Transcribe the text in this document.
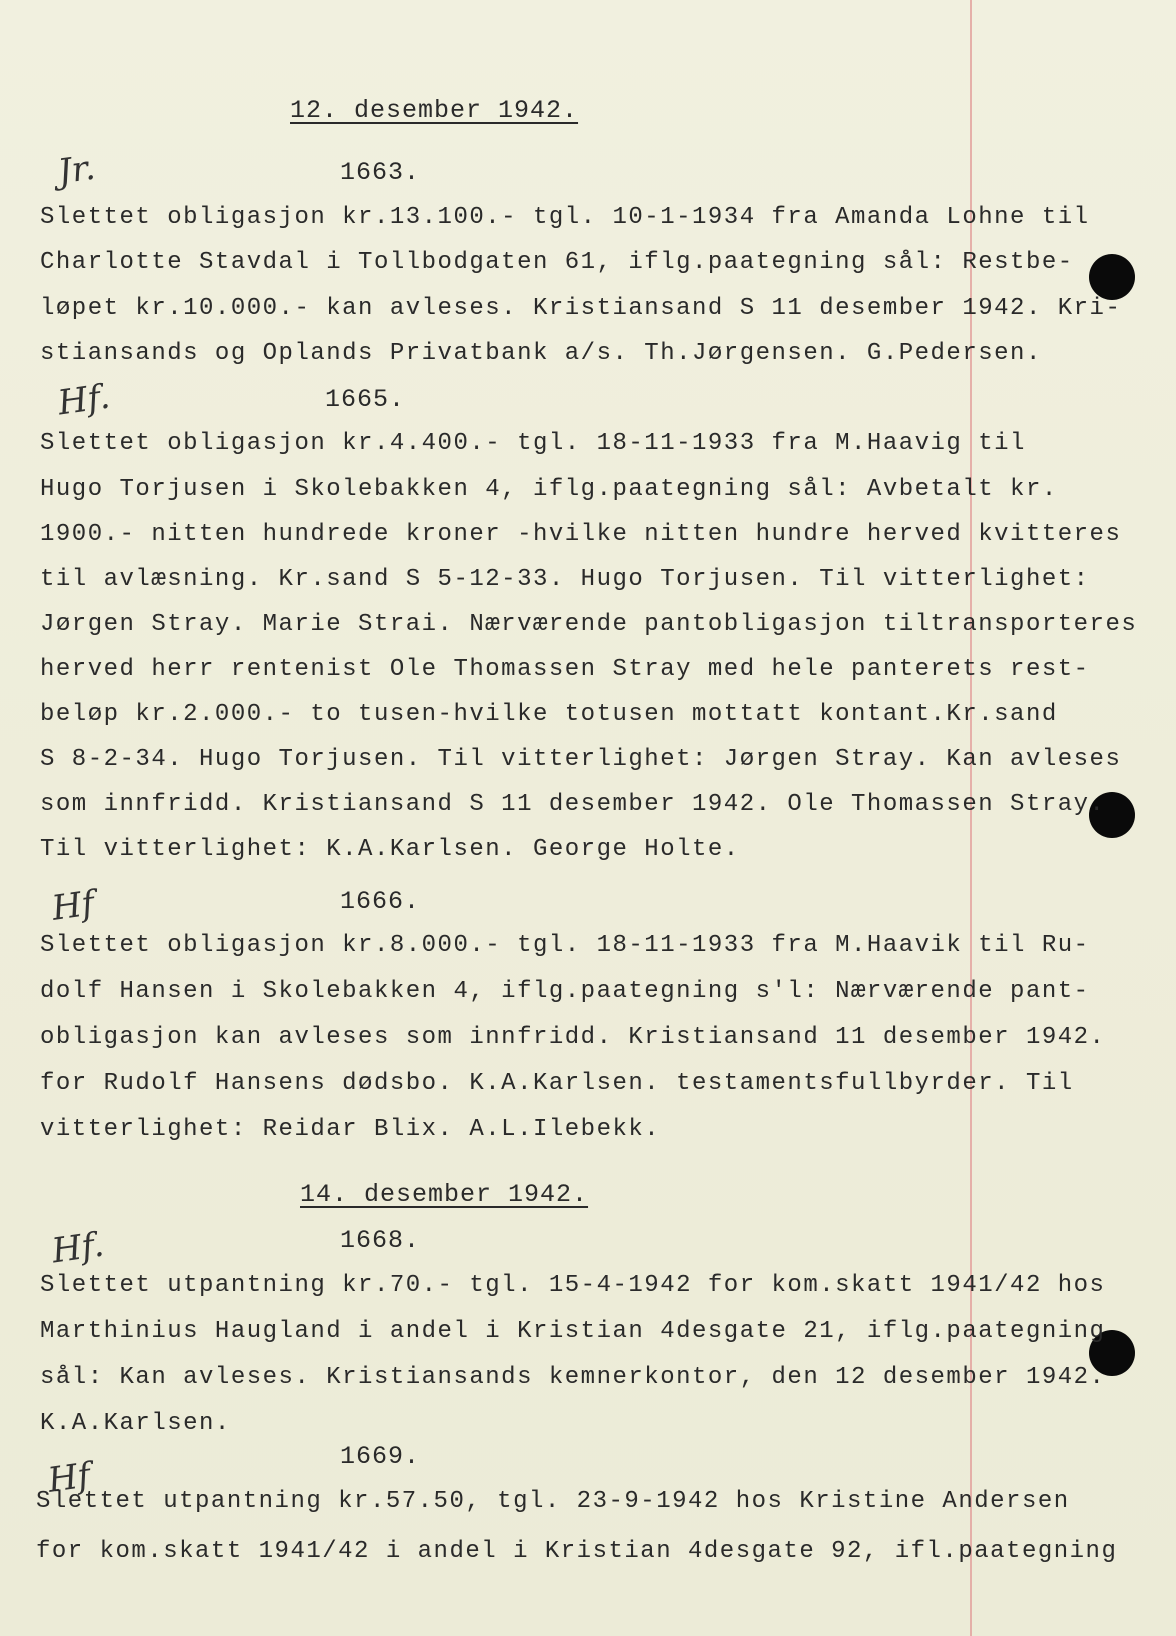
12. desember 1942.
Jr.	1663.
Slettet obligasjon kr.13.100.- tgl. 10-1-1934 fra Amanda Lohne til
Charlotte Stavdal i Tollbodgaten 61, iflg.paategning sål: Restbe-
løpet kr.10.000.- kan avleses. Kristiansand S 11 desember 1942. Kri-
stiansands og Oplands Privatbank a/s. Th.Jørgensen. G.Pedersen.
Hf.	1665.
Slettet obligasjon kr.4.400.- tgl. 18-11-1933 fra M.Haavig til
Hugo Torjusen i Skolebakken 4, iflg.paategning sål: Avbetalt kr.
1900.- nitten hundrede kroner -hvilke nitten hundre herved kvitteres
til avlæsning. Kr.sand S 5-12-33. Hugo Torjusen. Til vitterlighet:
Jørgen Stray. Marie Strai. Nærværende pantobligasjon tiltransporteres
herved herr rentenist Ole Thomassen Stray med hele panterets rest-
beløp kr.2.000.- to tusen-hvilke totusen mottatt kontant.Kr.sand
S 8-2-34. Hugo Torjusen. Til vitterlighet: Jørgen Stray. Kan avleses
som innfridd. Kristiansand S 11 desember 1942. Ole Thomassen Stray.
Til vitterlighet: K.A.Karlsen. George Holte.
Hf	1666.
Slettet obligasjon kr.8.000.- tgl. 18-11-1933 fra M.Haavik til Ru-
dolf Hansen i Skolebakken 4, iflg.paategning s'l: Nærværende pant-
obligasjon kan avleses som innfridd. Kristiansand 11 desember 1942.
for Rudolf Hansens dødsbo. K.A.Karlsen. testamentsfullbyrder. Til
vitterlighet: Reidar Blix. A.L.Ilebekk.
14. desember 1942.
Hf.	1668.
Slettet utpantning kr.70.- tgl. 15-4-1942 for kom.skatt 1941/42 hos
Marthinius Haugland i andel i Kristian 4desgate 21, iflg.paategning
sål: Kan avleses. Kristiansands kemnerkontor, den 12 desember 1942.
K.A.Karlsen.
Hf	1669.
Slettet utpantning kr.57.50, tgl. 23-9-1942 hos Kristine Andersen
for kom.skatt 1941/42 i andel i Kristian 4desgate 92, ifl.paategning
